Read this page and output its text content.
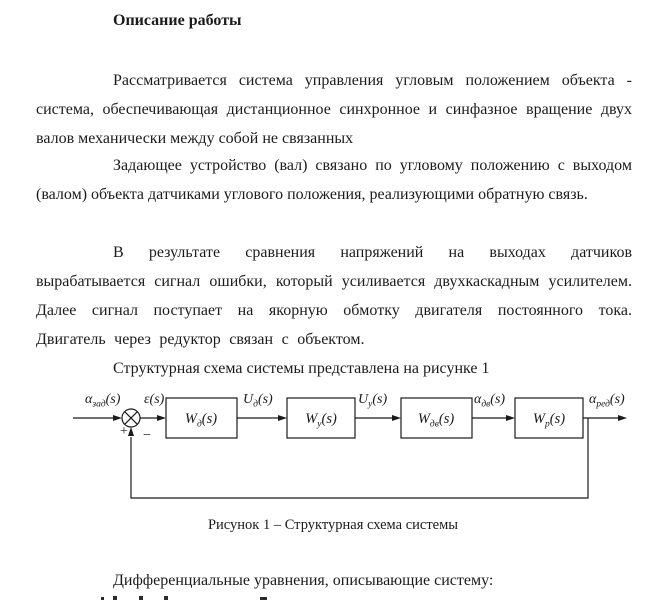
Описание работы

Рассматривается система управления угловым положением объекта - система, обеспечивающая дистанционное синхронное и синфазное вращение двух валов механически между собой не связанных

Задающее устройство (вал) связано по угловому положению с выходом (валом) объекта датчиками углового положения, реализующими обратную связь.

В результате сравнения напряжений на выходах датчиков вырабатывается сигнал ошибки, который усиливается двухкаскадным усилителем. Далее сигнал поступает на якорную обмотку двигателя постоянного тока. Двигатель через редуктор связан с объектом.

Структурная схема системы представлена на рисунке 1

+ −
$\alpha_{зад}(s)$ ε(s)	$U_д(s)$	$U_у(s)$	$\alpha_{дв}(s)$	$\alpha_{ред}(s)$
$W_д(s)$	$W_у(s)$	$W_{дв}(s)$	$W_р(s)$

Рисунок 1 – Структурная схема системы

Дифференциальные уравнения, описывающие систему:
